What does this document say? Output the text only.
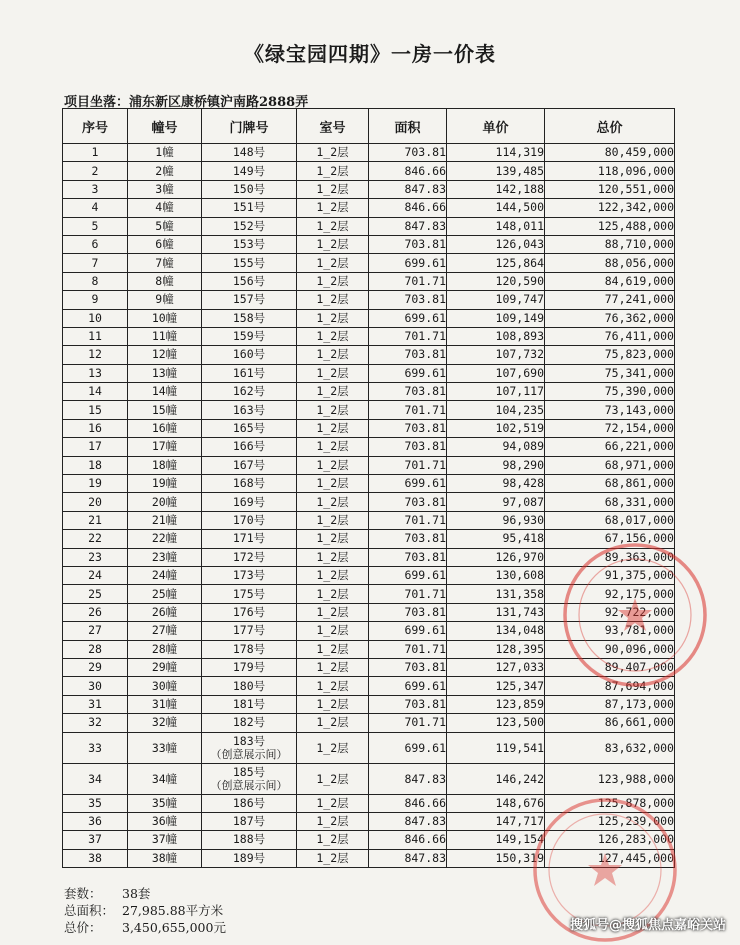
《绿宝园四期》一房一价表
项目坐落：浦东新区康桥镇沪南路2888弄
序号	幢号	门牌号	室号	面积	单价	总价
1	1幢	148号	1_2层	703.81	114,319	80,459,000
2	2幢	149号	1_2层	846.66	139,485	118,096,000
3	3幢	150号	1_2层	847.83	142,188	120,551,000
4	4幢	151号	1_2层	846.66	144,500	122,342,000
5	5幢	152号	1_2层	847.83	148,011	125,488,000
6	6幢	153号	1_2层	703.81	126,043	88,710,000
7	7幢	155号	1_2层	699.61	125,864	88,056,000
8	8幢	156号	1_2层	701.71	120,590	84,619,000
9	9幢	157号	1_2层	703.81	109,747	77,241,000
10	10幢	158号	1_2层	699.61	109,149	76,362,000
11	11幢	159号	1_2层	701.71	108,893	76,411,000
12	12幢	160号	1_2层	703.81	107,732	75,823,000
13	13幢	161号	1_2层	699.61	107,690	75,341,000
14	14幢	162号	1_2层	703.81	107,117	75,390,000
15	15幢	163号	1_2层	701.71	104,235	73,143,000
16	16幢	165号	1_2层	703.81	102,519	72,154,000
17	17幢	166号	1_2层	703.81	94,089	66,221,000
18	18幢	167号	1_2层	701.71	98,290	68,971,000
19	19幢	168号	1_2层	699.61	98,428	68,861,000
20	20幢	169号	1_2层	703.81	97,087	68,331,000
21	21幢	170号	1_2层	701.71	96,930	68,017,000
22	22幢	171号	1_2层	703.81	95,418	67,156,000
23	23幢	172号	1_2层	703.81	126,970	89,363,000
24	24幢	173号	1_2层	699.61	130,608	91,375,000
25	25幢	175号	1_2层	701.71	131,358	92,175,000
26	26幢	176号	1_2层	703.81	131,743	92,722,000
27	27幢	177号	1_2层	699.61	134,048	93,781,000
28	28幢	178号	1_2层	701.71	128,395	90,096,000
29	29幢	179号	1_2层	703.81	127,033	89,407,000
30	30幢	180号	1_2层	699.61	125,347	87,694,000
31	31幢	181号	1_2层	703.81	123,859	87,173,000
32	32幢	182号	1_2层	701.71	123,500	86,661,000
33	33幢	183号
（创意展示间）	1_2层	699.61	119,541	83,632,000
34	34幢	185号
（创意展示间）	1_2层	847.83	146,242	123,988,000
35	35幢	186号	1_2层	846.66	148,676	125,878,000
36	36幢	187号	1_2层	847.83	147,717	125,239,000
37	37幢	188号	1_2层	846.66	149,154	126,283,000
38	38幢	189号	1_2层	847.83	150,319	127,445,000
套数： 38套
总面积： 27,985.88平方米
总价： 3,450,655,000元	搜狐号@搜狐焦点嘉峪关站
